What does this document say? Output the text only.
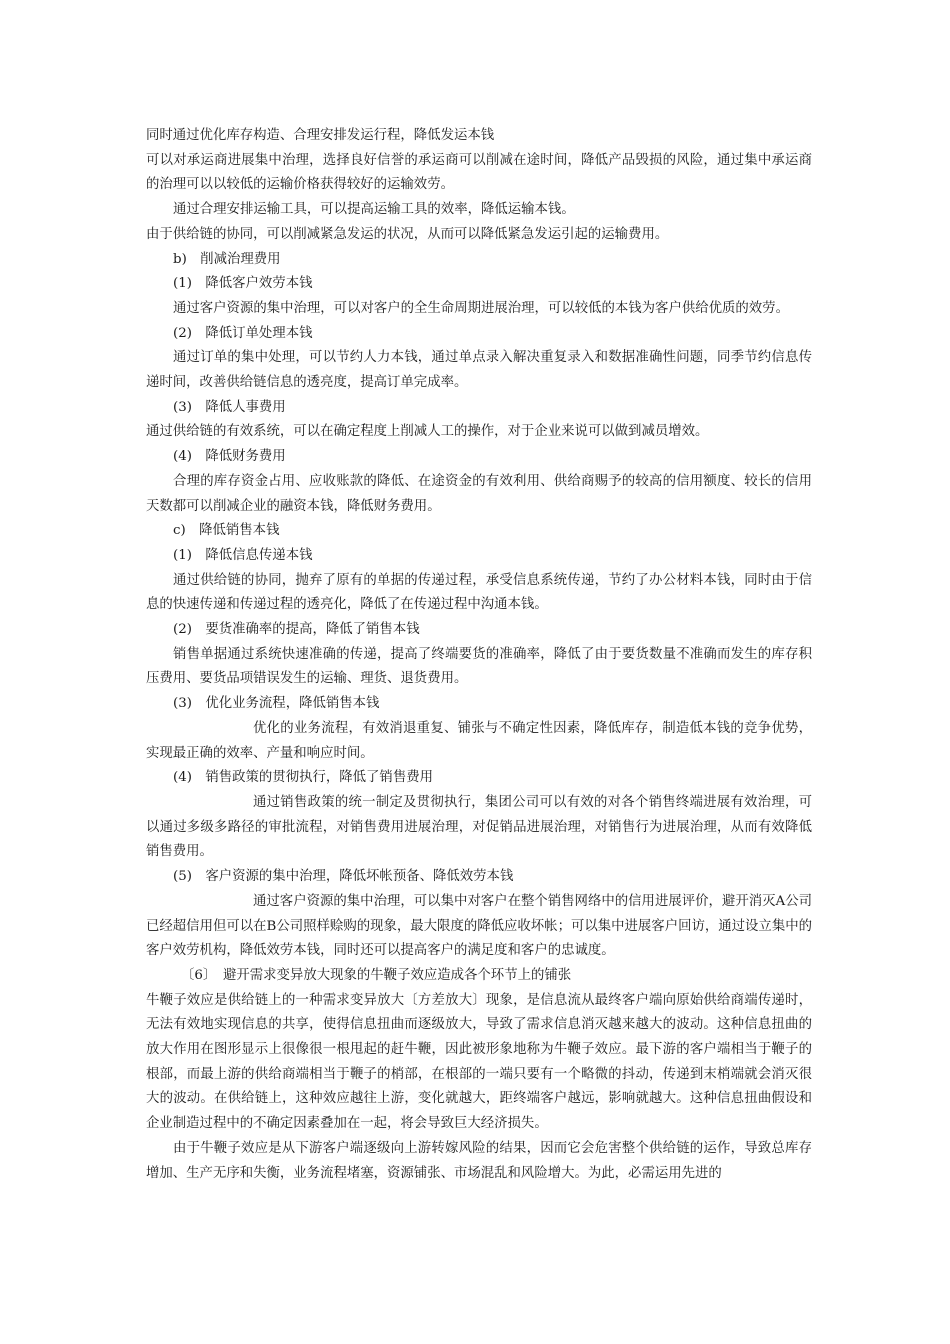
同时通过优化库存构造、合理安排发运行程，降低发运本钱

可以对承运商进展集中治理，选择良好信誉的承运商可以削减在途时间，降低产品毁损的风险，通过集中承运商的治理可以以较低的运输价格获得较好的运输效劳。

通过合理安排运输工具，可以提高运输工具的效率，降低运输本钱。

由于供给链的协同，可以削减紧急发运的状况，从而可以降低紧急发运引起的运输费用。

b)　削减治理费用

(1)　降低客户效劳本钱

通过客户资源的集中治理，可以对客户的全生命周期进展治理，可以较低的本钱为客户供给优质的效劳。

(2)　降低订单处理本钱

通过订单的集中处理，可以节约人力本钱，通过单点录入解决重复录入和数据准确性问题，同季节约信息传递时间，改善供给链信息的透亮度，提高订单完成率。

(3)　降低人事费用

通过供给链的有效系统，可以在确定程度上削减人工的操作，对于企业来说可以做到减员增效。

(4)　降低财务费用

合理的库存资金占用、应收账款的降低、在途资金的有效利用、供给商赐予的较高的信用额度、较长的信用天数都可以削减企业的融资本钱，降低财务费用。

c)　降低销售本钱

(1)　降低信息传递本钱

通过供给链的协同，抛弃了原有的单据的传递过程，承受信息系统传递，节约了办公材料本钱，同时由于信息的快速传递和传递过程的透亮化，降低了在传递过程中沟通本钱。

(2)　要货准确率的提高，降低了销售本钱

销售单据通过系统快速准确的传递，提高了终端要货的准确率，降低了由于要货数量不准确而发生的库存积压费用、要货品项错误发生的运输、理货、退货费用。

(3)　优化业务流程，降低销售本钱

优化的业务流程，有效消退重复、铺张与不确定性因素，降低库存，制造低本钱的竞争优势，实现最正确的效率、产量和响应时间。

(4)　销售政策的贯彻执行，降低了销售费用

通过销售政策的统一制定及贯彻执行，集团公司可以有效的对各个销售终端进展有效治理，可以通过多级多路径的审批流程，对销售费用进展治理，对促销品进展治理，对销售行为进展治理，从而有效降低销售费用。

(5)　客户资源的集中治理，降低坏帐预备、降低效劳本钱

通过客户资源的集中治理，可以集中对客户在整个销售网络中的信用进展评价，避开消灭A公司已经超信用但可以在B公司照样赊购的现象，最大限度的降低应收坏帐；可以集中进展客户回访，通过设立集中的客户效劳机构，降低效劳本钱，同时还可以提高客户的满足度和客户的忠诚度。

〔6〕　避开需求变异放大现象的牛鞭子效应造成各个环节上的铺张

牛鞭子效应是供给链上的一种需求变异放大〔方差放大〕现象，是信息流从最终客户端向原始供给商端传递时，无法有效地实现信息的共享，使得信息扭曲而逐级放大，导致了需求信息消灭越来越大的波动。这种信息扭曲的放大作用在图形显示上很像很一根甩起的赶牛鞭，因此被形象地称为牛鞭子效应。最下游的客户端相当于鞭子的根部，而最上游的供给商端相当于鞭子的梢部，在根部的一端只要有一个略微的抖动，传递到末梢端就会消灭很大的波动。在供给链上，这种效应越往上游，变化就越大，距终端客户越远，影响就越大。这种信息扭曲假设和企业制造过程中的不确定因素叠加在一起，将会导致巨大经济损失。

由于牛鞭子效应是从下游客户端逐级向上游转嫁风险的结果，因而它会危害整个供给链的运作，导致总库存增加、生产无序和失衡，业务流程堵塞，资源铺张、市场混乱和风险增大。为此，必需运用先进的
